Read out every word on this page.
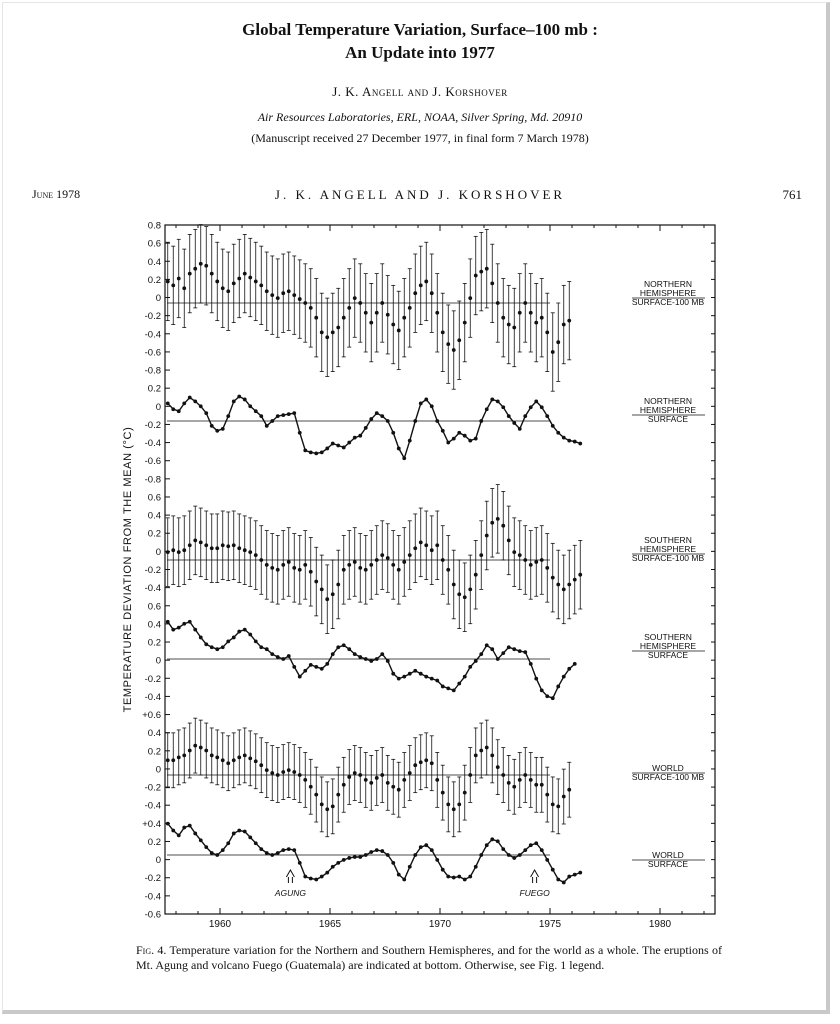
Global Temperature Variation, Surface–100 mb :
An Update into 1977
J. K. Angell and J. Korshover
Air Resources Laboratories, ERL, NOAA, Silver Spring, Md. 20910
(Manuscript received 27 December 1977, in final form 7 March 1978)
June 1978	J. K. ANGELL AND J. KORSHOVER	761
0.8
0.6
0.4
0.2
0
-0.2
-0.4
-0.6
-0.8
0.2
0
-0.2
-0.4
-0.6
-0.8
0.6
0.4
0.2
0
-0.2
-0.4
0.6
0.4
0.2
0
-0.2
-0.4
+0.6
0.4
0.2
0
-0.2
-0.4
+0.4
0.2
0
-0.2
-0.4
-0.6
1960	1965	1970	1975	1980
TEMPERATURE DEVIATION FROM THE MEAN (°C)
NORTHERN
HEMISPHERE
SURFACE-100 MB
NORTHERN
HEMISPHERE
SURFACE
SOUTHERN
HEMISPHERE
SURFACE-100 MB
SOUTHERN
HEMISPHERE
SURFACE
WORLD
SURFACE-100 MB
WORLD
SURFACE
AGUNG	FUEGO
Fig. 4. Temperature variation for the Northern and Southern Hemispheres, and for the world as a whole. The eruptions of Mt. Agung and volcano Fuego (Guatemala) are indicated at bottom. Otherwise, see Fig. 1 legend.
